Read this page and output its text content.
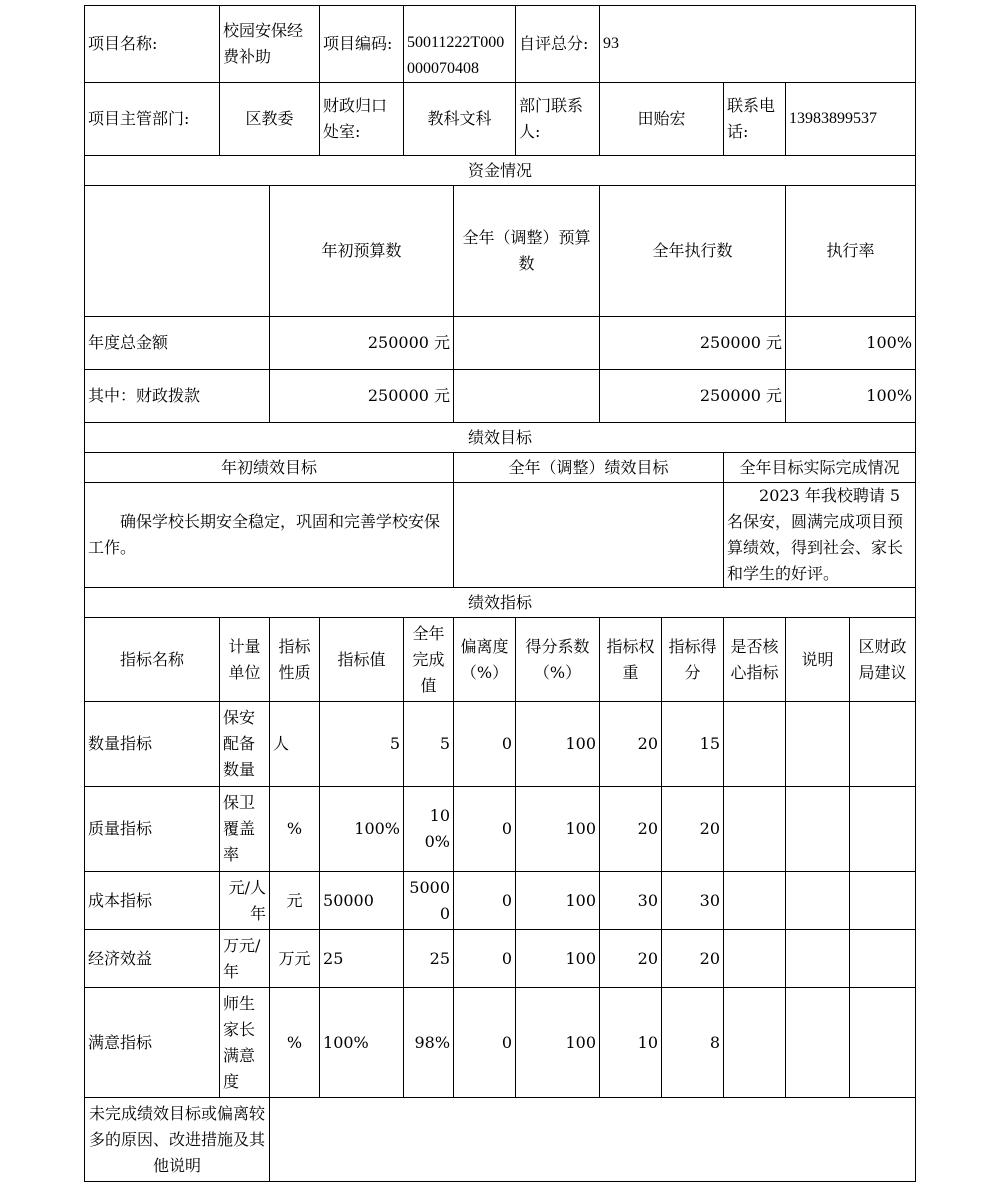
项目名称:	校园安保经费补助		项目编码:	50011222T000000070408		自评总分:	93					
项目主管部门:	区教委		财政归口处室:	教科文科		部门联系人:	田贻宏		联系电话:	13983899537		
资金情况												
		年初预算数			全年（调整）预算数		全年执行数			执行率		
年度总金额		250000 元					250000 元			100%		
其中：财政拨款		250000 元					250000 元			100%		
绩效目标												
年初绩效目标					全年（调整）绩效目标				全年目标实际完成情况			
确保学校长期安全稳定，巩固和完善学校安保工作。									2023 年我校聘请 5 名保安，圆满完成项目预算绩效，得到社会、家长和学生的好评。			
绩效指标												
指标名称	计量单位	指标性质	指标值	全年完成值	偏离度（%）	得分系数（%）	指标权重	指标得分	是否核心指标	说明	区财政局建议	
数量指标	保安配备数量	人	5	5	0	100	20	15				
质量指标	保卫覆盖率	%	100%	100%	0	100	20	20				
成本指标	元/人年	元	50000	50000	0	100	30	30				
经济效益	万元/年	万元	25	25	0	100	20	20				
满意指标	师生家长满意度	%	100%	98%	0	100	10	8				
未完成绩效目标或偏离较多的原因、改进措施及其他说明												
